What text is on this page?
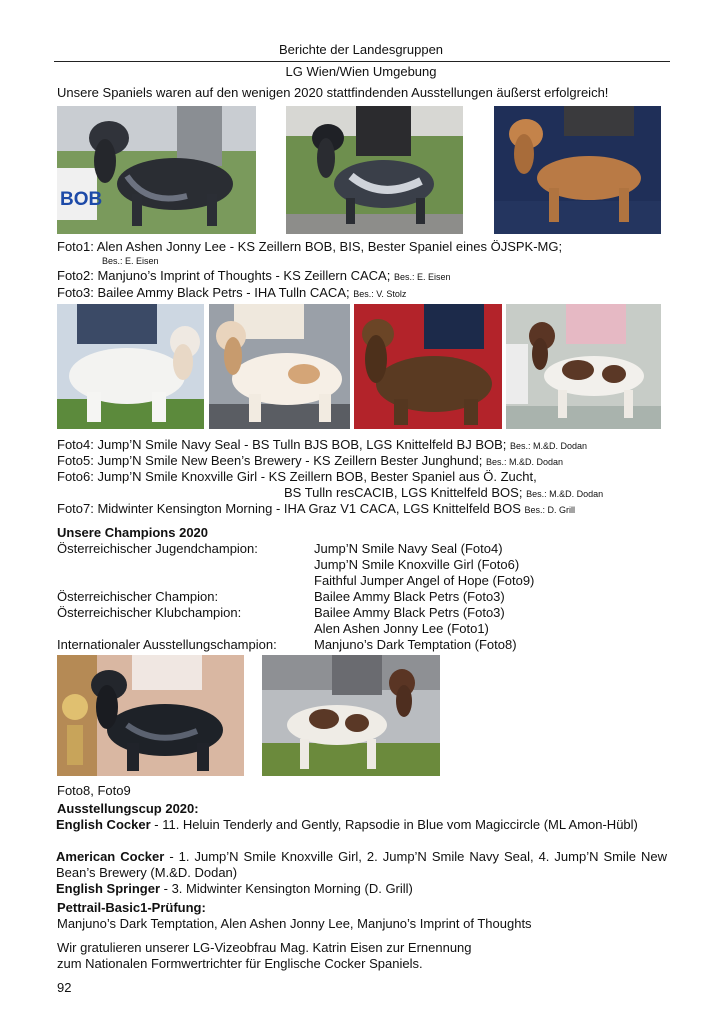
Berichte der Landesgruppen
LG Wien/Wien Umgebung
Unsere Spaniels waren auf den wenigen 2020 stattfindenden Ausstellungen äußerst erfolgreich!
BOB
Foto1: Alen Ashen Jonny Lee - KS Zeillern BOB, BIS, Bester Spaniel eines ÖJSPK-MG;
Bes.: E. Eisen
Foto2: Manjuno’s Imprint of Thoughts - KS Zeillern CACA; Bes.: E. Eisen
Foto3: Bailee Ammy Black Petrs - IHA Tulln CACA; Bes.: V. Stolz
Foto4: Jump’N Smile Navy Seal - BS Tulln BJS BOB, LGS Knittelfeld BJ BOB; Bes.: M.&D. Dodan
Foto5: Jump’N Smile New Been’s Brewery - KS Zeillern Bester Junghund; Bes.: M.&D. Dodan
Foto6: Jump’N Smile Knoxville Girl - KS Zeillern BOB, Bester Spaniel aus Ö. Zucht,
BS Tulln resCACIB, LGS Knittelfeld BOS; Bes.: M.&D. Dodan
Foto7: Midwinter Kensington Morning - IHA Graz V1 CACA, LGS Knittelfeld BOS Bes.: D. Grill
Unsere Champions 2020
Österreichischer Jugendchampion:	Jump’N Smile Navy Seal (Foto4)
Jump’N Smile Knoxville Girl (Foto6)
Faithful Jumper Angel of Hope (Foto9)
Österreichischer Champion:	Bailee Ammy Black Petrs (Foto3)
Österreichischer Klubchampion:	Bailee Ammy Black Petrs (Foto3)
Alen Ashen Jonny Lee (Foto1)
Internationaler Ausstellungschampion:	Manjuno’s Dark Temptation (Foto8)
Foto8, Foto9
Ausstellungscup 2020:
English Cocker - 11. Heluin Tenderly and Gently, Rapsodie in Blue vom Magiccircle (ML Amon-Hübl)
American Cocker - 1. Jump’N Smile Knoxville Girl, 2. Jump’N Smile Navy Seal, 4. Jump’N Smile New Bean’s Brewery (M.&D. Dodan)
English Springer - 3. Midwinter Kensington Morning (D. Grill)
Pettrail-Basic1-Prüfung:
Manjuno’s Dark Temptation, Alen Ashen Jonny Lee, Manjuno’s Imprint of Thoughts
Wir gratulieren unserer LG-Vizeobfrau Mag. Katrin Eisen zur Ernennung
zum Nationalen Formwertrichter für Englische Cocker Spaniels.
92
